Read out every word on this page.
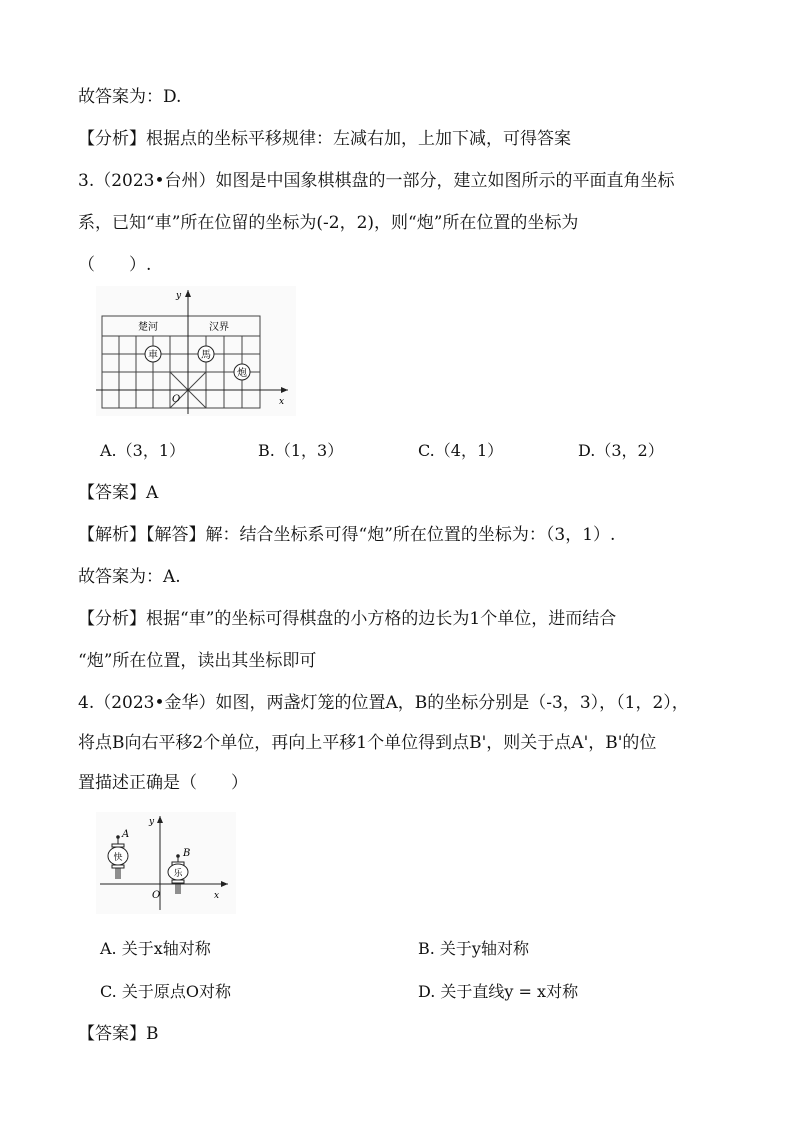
故答案为：D.
【分析】根据点的坐标平移规律：左减右加，上加下减，可得答案
3.（2023•台州）如图是中国象棋棋盘的一部分，建立如图所示的平面直角坐标
系，已知“車”所在位留的坐标为(-2，2)，则“炮”所在位置的坐标为
（　　）.
x
y
O
楚河	汉界
車	馬
炮
A.（3，1）	B.（1，3）	C.（4，1）	D.（3，2）
【答案】A
【解析】【解答】解：结合坐标系可得“炮”所在位置的坐标为：（3，1）.
故答案为：A.
【分析】根据“車”的坐标可得棋盘的小方格的边长为1个单位，进而结合
“炮”所在位置，读出其坐标即可
4.（2023•金华）如图，两盏灯笼的位置A，B的坐标分别是（-3，3），（1，2），
将点B向右平移2个单位，再向上平移1个单位得到点B'，则关于点A'，B'的位
置描述正确是（　　）
x
y
O
快
A
乐
B
A. 关于x轴对称	B. 关于y轴对称
C. 关于原点O对称	D. 关于直线y = x对称
【答案】B
